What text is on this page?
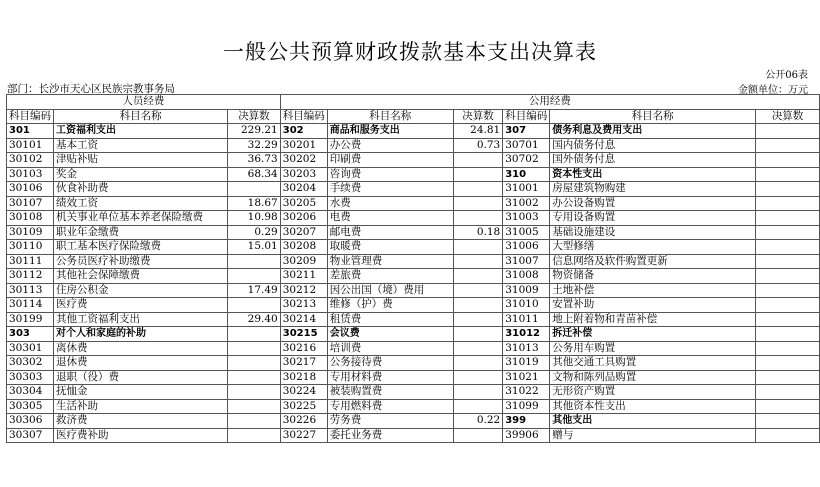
一般公共预算财政拨款基本支出决算表
公开06表
部门：长沙市天心区民族宗教事务局	金额单位：万元
人员经费			公用经费					
科目编码	科目名称	决算数	科目编码	科目名称	决算数	科目编码	科目名称	决算数
301	工资福利支出	229.21	302	商品和服务支出	24.81	307	债务利息及费用支出	
30101	基本工资	32.29	30201	办公费	0.73	30701	国内债务付息	
30102	津贴补贴	36.73	30202	印刷费		30702	国外债务付息	
30103	奖金	68.34	30203	咨询费		310	资本性支出	
30106	伙食补助费		30204	手续费		31001	房屋建筑物购建	
30107	绩效工资	18.67	30205	水费		31002	办公设备购置	
30108	机关事业单位基本养老保险缴费	10.98	30206	电费		31003	专用设备购置	
30109	职业年金缴费	0.29	30207	邮电费	0.18	31005	基础设施建设	
30110	职工基本医疗保险缴费	15.01	30208	取暖费		31006	大型修缮	
30111	公务员医疗补助缴费		30209	物业管理费		31007	信息网络及软件购置更新	
30112	其他社会保障缴费		30211	差旅费		31008	物资储备	
30113	住房公积金	17.49	30212	因公出国（境）费用		31009	土地补偿	
30114	医疗费		30213	维修（护）费		31010	安置补助	
30199	其他工资福利支出	29.40	30214	租赁费		31011	地上附着物和青苗补偿	
303	对个人和家庭的补助		30215	会议费		31012	拆迁补偿	
30301	离休费		30216	培训费		31013	公务用车购置	
30302	退休费		30217	公务接待费		31019	其他交通工具购置	
30303	退职（役）费		30218	专用材料费		31021	文物和陈列品购置	
30304	抚恤金		30224	被装购置费		31022	无形资产购置	
30305	生活补助		30225	专用燃料费		31099	其他资本性支出	
30306	救济费		30226	劳务费	0.22	399	其他支出	
30307	医疗费补助		30227	委托业务费		39906	赠与	
